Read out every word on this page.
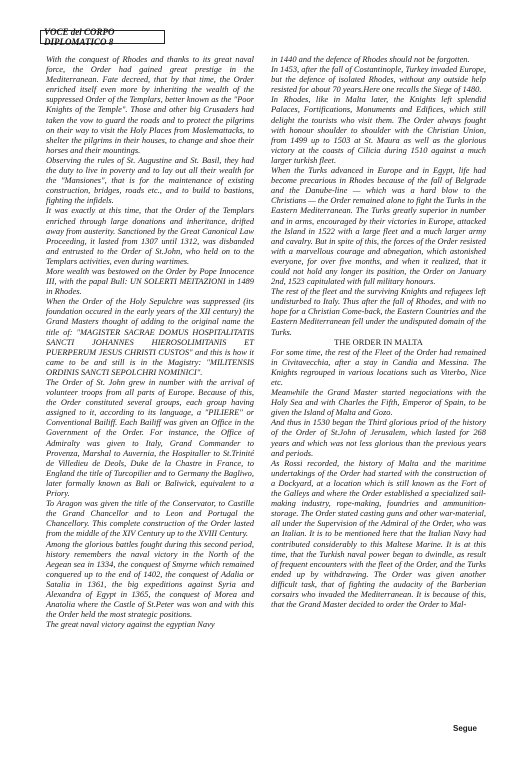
VOCE del CORPO DIPLOMATICO 8

With the conquest of Rhodes and thanks to its great naval force, the Order had gained great prestige in the Mediterranean. Fate decreed, that by that time, the Order enriched itself even more by inheriting the wealth of the suppressed Order of the Templars, better known as the "Poor Knights of the Temple". Those and other big Crusaders had taken the vow to guard the roads and to protect the pilgrims on their way to visit the Holy Places from Moslemattacks, to shelter the pilgrims in their houses, to change and shoe their horses and their mountings.

Observing the rules of St. Augustine and St. Basil, they had the duty to live in poverty and to lay out all their wealth for the "Mansiones", that is for the maintenance of existing construction, bridges, roads etc., and to build to bastions, fighting the infidels.

It was exactly at this time, that the Order of the Templars enriched through large donations and inheritance, drifted away from austerity. Sanctioned by the Great Canonical Law Proceeding, it lasted from 1307 until 1312, was disbanded and entrusted to the Order of St.John, who held on to the Templars activities, even during wartimes.

More wealth was bestowed on the Order by Pope Innocence III, with the papal Bull: UN SOLERTI MEITAZIONI in 1489 in Rhodes.

When the Order of the Holy Sepulchre was suppressed (its foundation occured in the early years of the XII century) the Grand Masters thought of adding to the original name the title of: "MAGISTER SACRAE DOMUS HOSPITALITATIS SANCTI JOHANNES HIEROSOLIMITANIS ET PUERPERUM JESUS CHRISTI CUSTOS" and this is how it came to be and still is in the Magistry: "MILITENSIS ORDINIS SANCTI SEPOLCHRI NOMINICI".

The Order of St. John grew in number with the arrival of volunteer troops from all parts of Europe. Because of this, the Order constituted several groups, each group having assigned to it, according to its language, a "PILIERE" or Conventional Bailiff. Each Bailiff was given an Office in the Government of the Order. For instance, the Office of Admiralty was given to Italy, Grand Commander to Provenza, Marshal to Auvernia, the Hospitaller to St.Trinité de Villedieu de Deols, Duke de la Chastre in France, to England the title of Turcopilier and to Germany the Bagliwo, later formally known as Bali or Baliwick, equivalent to a Priory.

To Aragon was given the title of the Conservator, to Castille the Grand Chancellor and to Leon and Portugal the Chancellory. This complete construction of the Order lasted from the middle of the XIV Century up to the XVIII Century.

Among the glorious battles fought during this second period, history remembers the naval victory in the North of the Aegean sea in 1334, the conquest of Smyrne which remained conquered up to the end of 1402, the conquest of Adalia or Satalia in 1361, the big expeditions against Syria and Alexandra of Egypt in 1365, the conquest of Morea and Anatolia where the Castle of St.Peter was won and with this the Order held the most strategic positions.

The great naval victory against the egyptian Navy

in 1440 and the defence of Rhodes should not be forgotten.

In 1453, after the fall of Costantinople, Turkey invaded Europe, but the defence of isolated Rhodes, without any outside help resisted for about 70 years.Here one recalls the Siege of 1480.

In Rhodes, like in Malta later, the Knights left splendid Palaces, Fortifications, Monuments and Edifices, which still delight the tourists who visit them. The Order always fought with honour shoulder to shoulder with the Christian Union, from 1499 up to 1503 at St. Maura as well as the glorious victory at the coasts of Cilicia during 1510 against a much larger turkish fleet.

When the Turks advanced in Europe and in Egypt, life had become precarious in Rhodes because of the fall of Belgrade and the Danube-line — which was a hard blow to the Christians — the Order remained alone to fight the Turks in the Eastern Mediterranean. The Turks greatly superior in number and in arms, encouraged by their victories in Europe, attacked the Island in 1522 with a large fleet and a much larger army and cavalry. But in spite of this, the forces of the Order resisted with a marvellous courage and abnegation, which astonished everyone, for over five months, and when it realized, that it could not hold any longer its position, the Order on January 2nd, 1523 capitulated with full military honours.

The rest of the fleet and the surviving Knights and refugees left undisturbed to Italy. Thus after the fall of Rhodes, and with no hope for a Christian Come-back, the Eastern Countries and the Eastern Mediterranean fell under the undisputed domain of the Turks.

THE ORDER IN MALTA

For some time, the rest of the Fleet of the Order had remained in Civitavecchia, after a stay in Candia and Messina. The Knights regrouped in various locations such as Viterbo, Nice etc.

Meanwhile the Grand Master started negociations with the Holy Sea and with Charles the Fifth, Emperor of Spain, to be given the Island of Malta and Gozo.

And thus in 1530 began the Third glorious priod of the history of the Order of St.John of Jerusalem, which lasted for 268 years and which was not less glorious than the previous years and periods.

As Rossi recorded, the history of Malta and the maritime undertakings of the Order had started with the construction of a Dockyard, at a location which is still known as the Fort of the Galleys and where the Order established a specialized sail-making industry, rope-making, foundries and ammunition-storage. The Order stated casting guns and other war-material, all under the Supervision of the Admiral of the Order, who was an Italian. It is to be mentioned here that the Italian Navy had contributed considerably to this Maltese Marine. It is at this time, that the Turkish naval power began to dwindle, as result of frequent encounters with the fleet of the Order, and the Turks ended up by withdrawing. The Order was given another difficult task, that of fighting the audacity of the Barberian corsairs who invaded the Mediterranean. It is because of this, that the Grand Master decided to order the Order to Mal-

Segue
